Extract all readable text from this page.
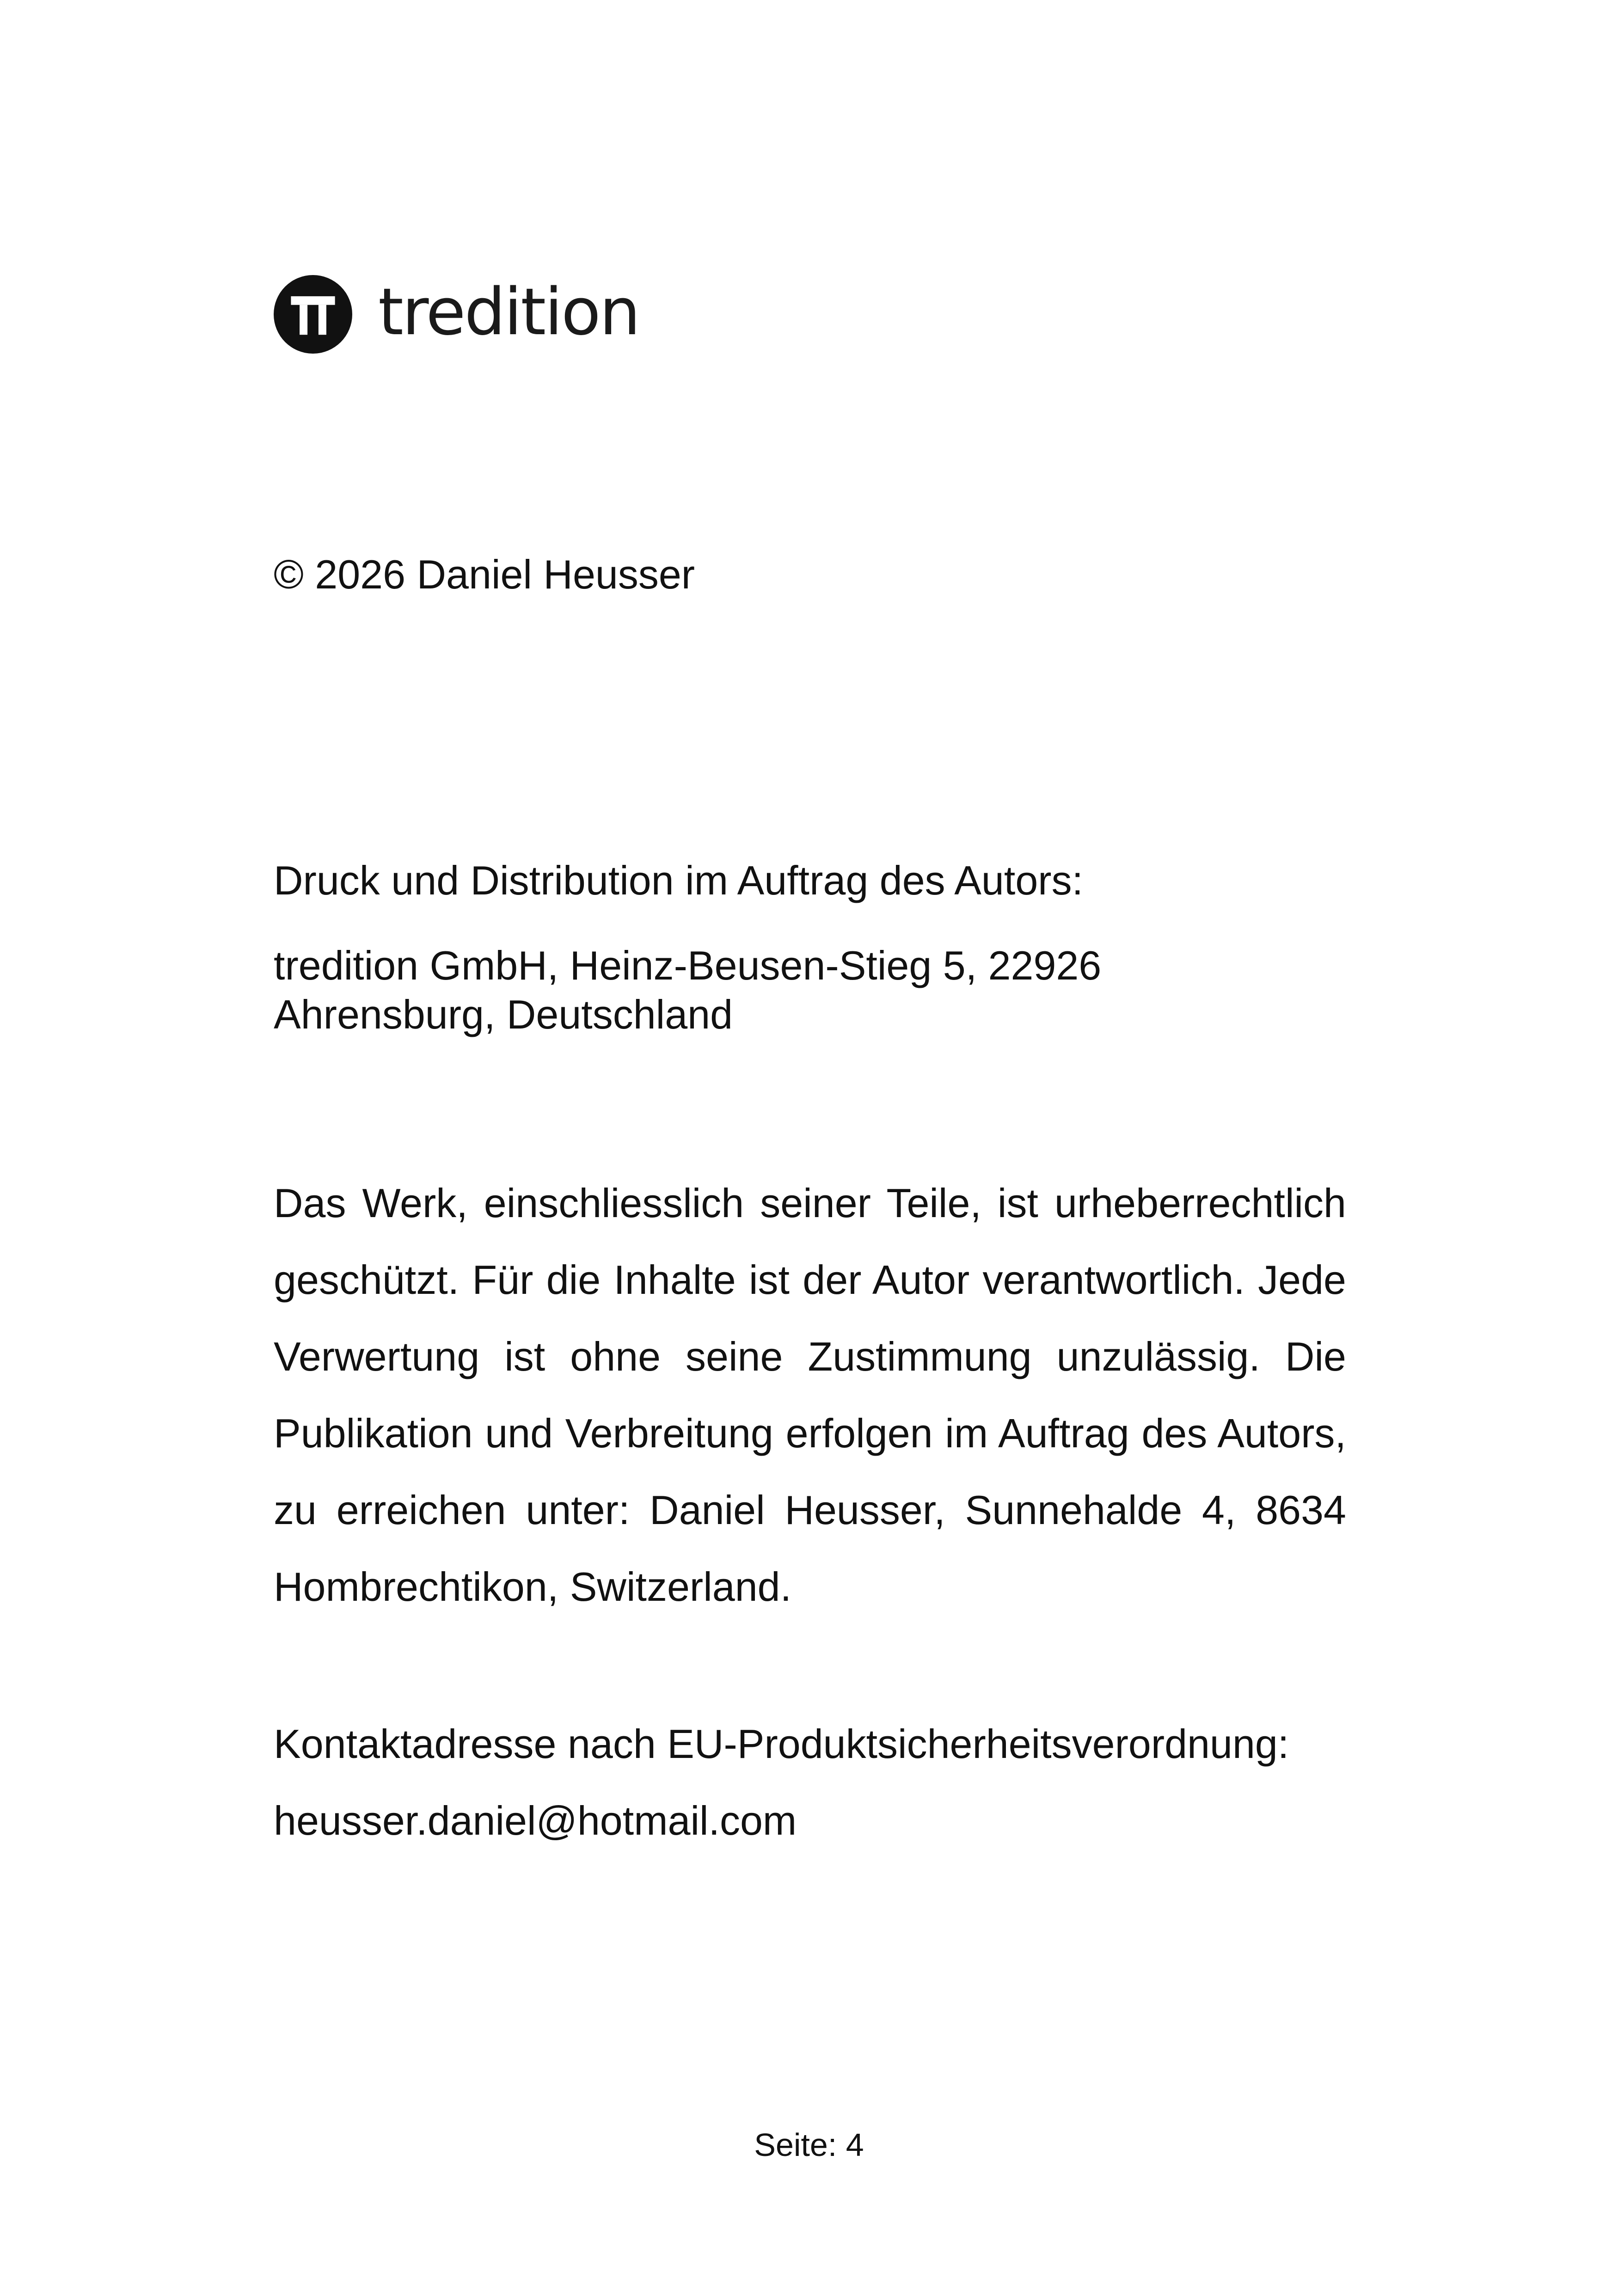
tredition

© 2026 Daniel Heusser

Druck und Distribution im Auftrag des Autors:

tredition GmbH, Heinz-Beusen-Stieg 5, 22926
Ahrensburg, Deutschland

Das Werk, einschliesslich seiner Teile, ist urheberrechtlich geschützt. Für die Inhalte ist der Autor verantwortlich. Jede Verwertung ist ohne seine Zustimmung unzulässig. Die Publikation und Verbreitung erfolgen im Auftrag des Autors, zu erreichen unter: Daniel Heusser, Sunnehalde 4, 8634 Hombrechtikon, Switzerland.

Kontaktadresse nach EU-Produktsicherheitsverordnung:
heusser.daniel@hotmail.com

Seite: 4
